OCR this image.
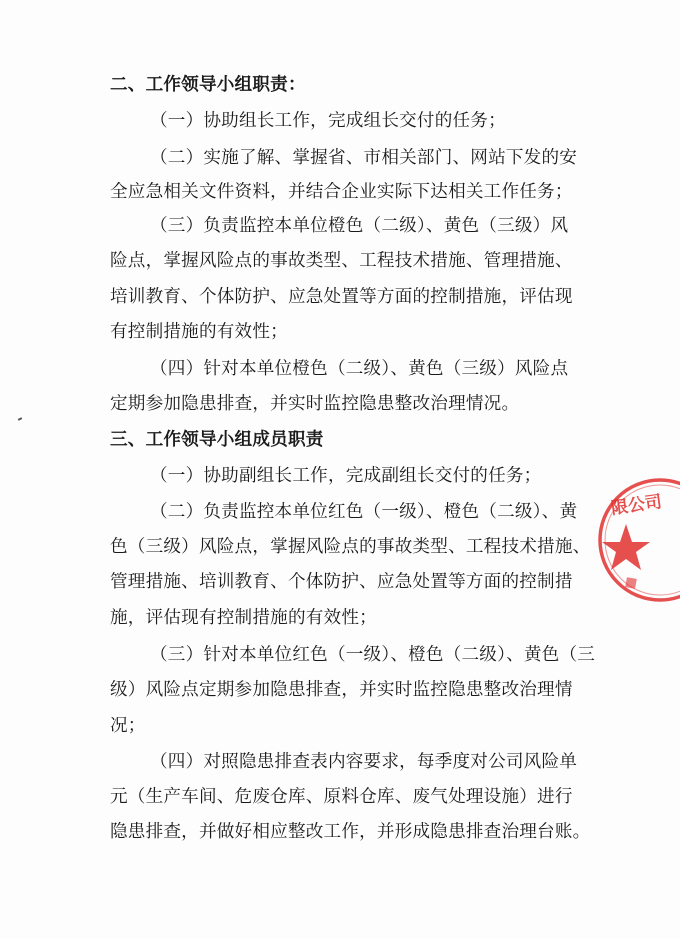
二、工作领导小组职责：
（一）协助组长工作，完成组长交付的任务；
（二）实施了解、掌握省、市相关部门、网站下发的安
全应急相关文件资料，并结合企业实际下达相关工作任务；
（三）负责监控本单位橙色（二级）、黄色（三级）风
险点，掌握风险点的事故类型、工程技术措施、管理措施、
培训教育、个体防护、应急处置等方面的控制措施，评估现
有控制措施的有效性；
（四）针对本单位橙色（二级）、黄色（三级）风险点
定期参加隐患排查，并实时监控隐患整改治理情况。
三、工作领导小组成员职责
（一）协助副组长工作，完成副组长交付的任务；
（二）负责监控本单位红色（一级）、橙色（二级）、黄
色（三级）风险点，掌握风险点的事故类型、工程技术措施、
管理措施、培训教育、个体防护、应急处置等方面的控制措
施，评估现有控制措施的有效性；
（三）针对本单位红色（一级）、橙色（二级）、黄色（三
级）风险点定期参加隐患排查，并实时监控隐患整改治理情
况；
（四）对照隐患排查表内容要求，每季度对公司风险单
元（生产车间、危废仓库、原料仓库、废气处理设施）进行
隐患排查，并做好相应整改工作，并形成隐患排查治理台账。
限公司
